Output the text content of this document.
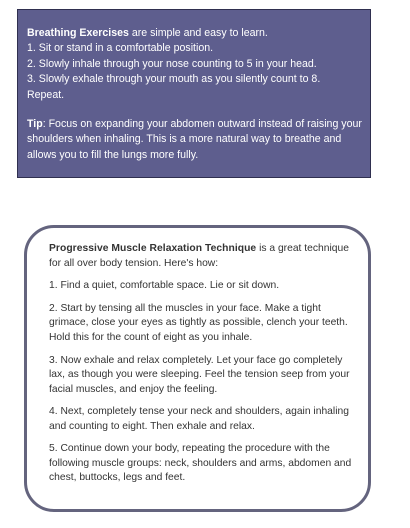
Breathing Exercises are simple and easy to learn.

1. Sit or stand in a comfortable position.

2. Slowly inhale through your nose counting to 5 in your head.

3. Slowly exhale through your mouth as you silently count to 8.

Repeat.

Tip: Focus on expanding your abdomen outward instead of raising your shoulders when inhaling. This is a more natural way to breathe and allows you to fill the lungs more fully.

Progressive Muscle Relaxation Technique is a great technique for all over body tension. Here's how:

1. Find a quiet, comfortable space. Lie or sit down.

2. Start by tensing all the muscles in your face. Make a tight grimace, close your eyes as tightly as possible, clench your teeth. Hold this for the count of eight as you inhale.

3. Now exhale and relax completely. Let your face go completely lax, as though you were sleeping. Feel the tension seep from your facial muscles, and enjoy the feeling.

4. Next, completely tense your neck and shoulders, again inhaling and counting to eight. Then exhale and relax.

5. Continue down your body, repeating the procedure with the following muscle groups: neck, shoulders and arms, abdomen and chest, buttocks, legs and feet.
